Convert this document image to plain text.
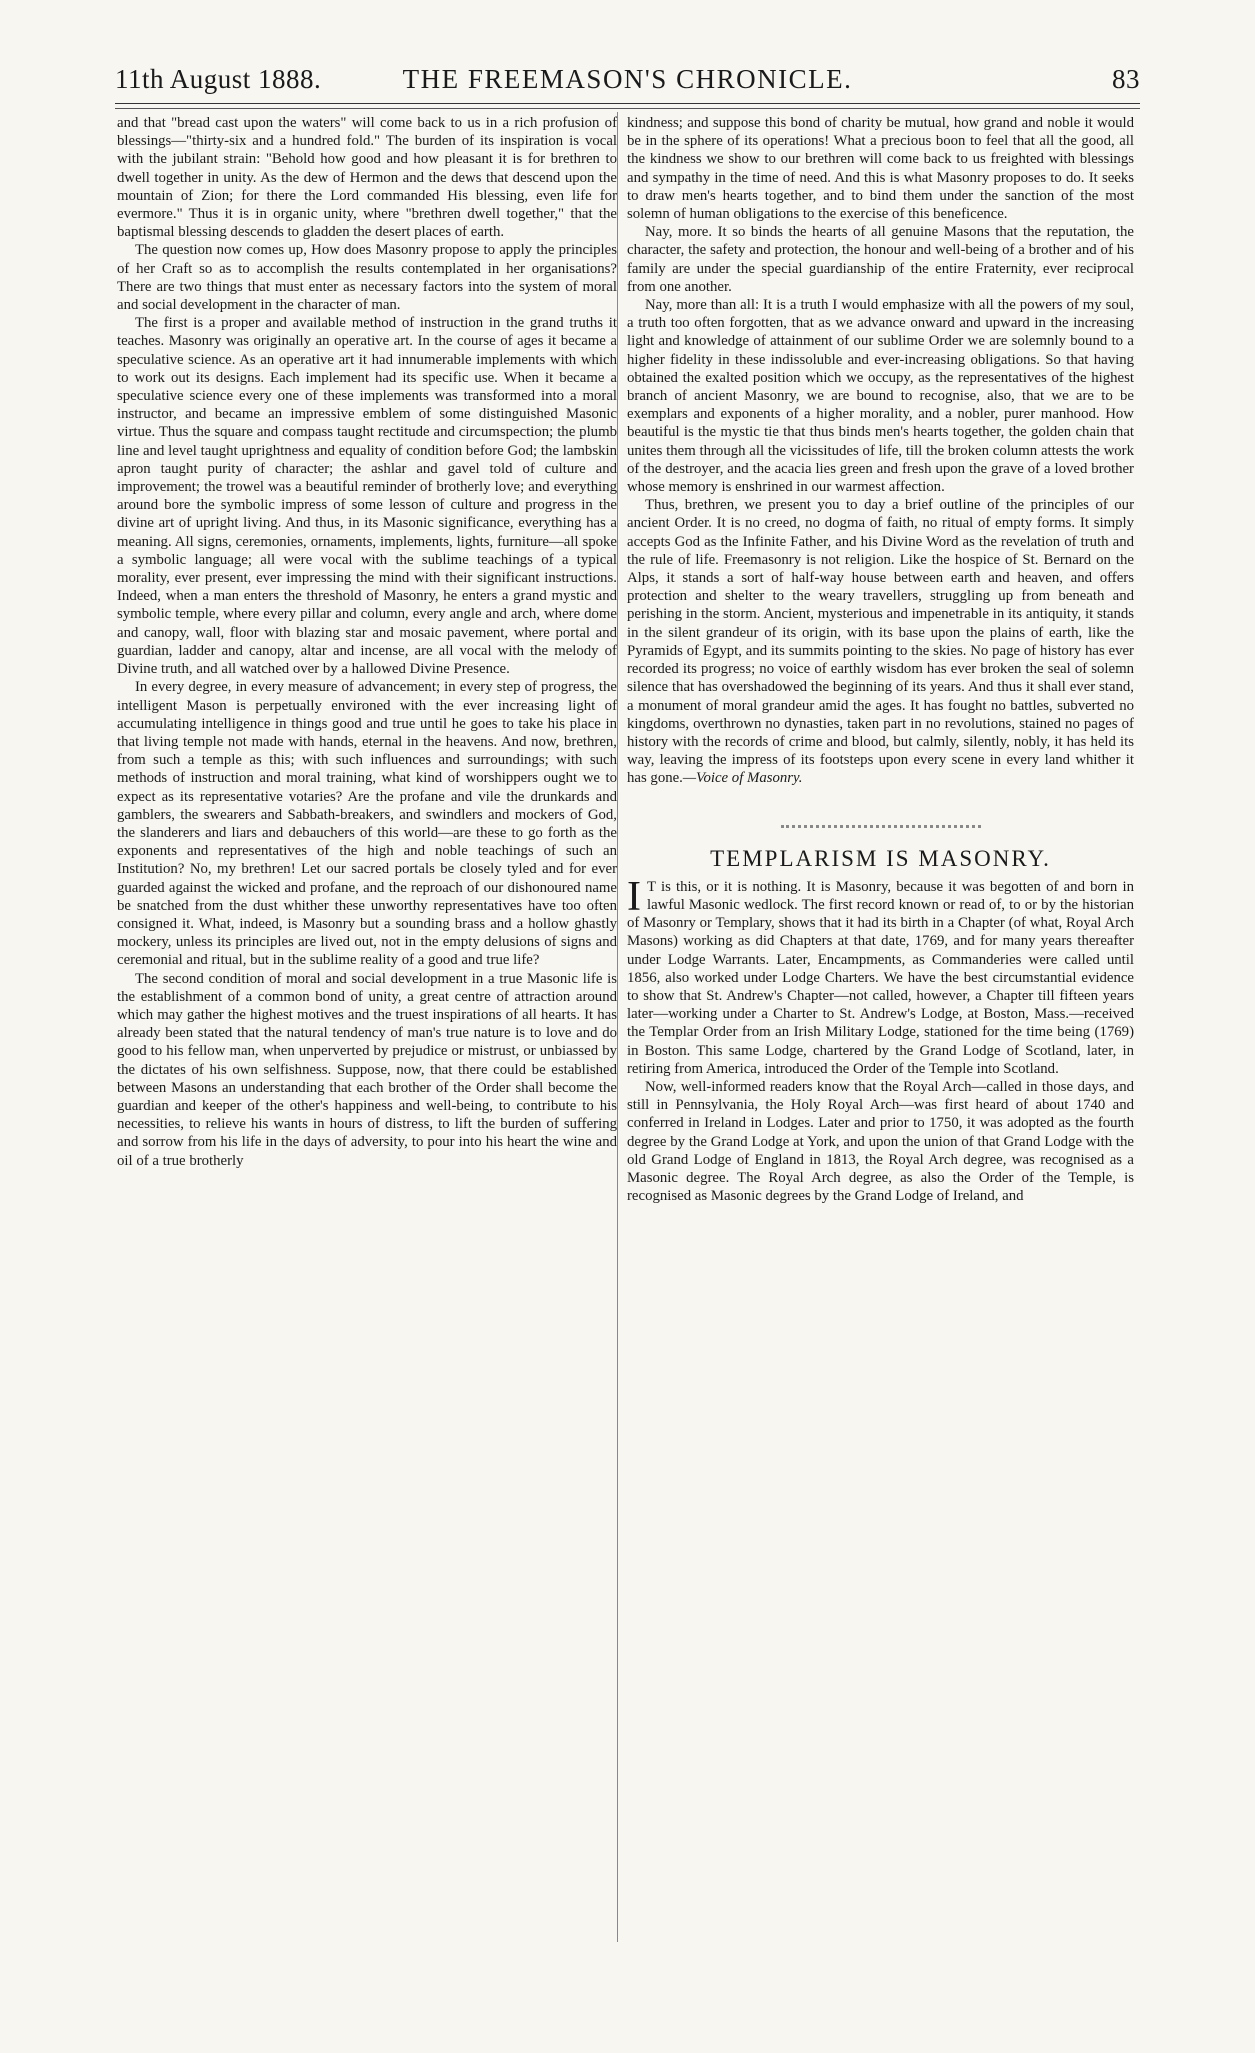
11th August 1888.	THE FREEMASON'S CHRONICLE.	83

and that "bread cast upon the waters" will come back to us in a rich profusion of blessings—"thirty-six and a hundred fold." The burden of its inspiration is vocal with the jubilant strain: "Behold how good and how pleasant it is for brethren to dwell together in unity. As the dew of Hermon and the dews that descend upon the mountain of Zion; for there the Lord commanded His blessing, even life for evermore." Thus it is in organic unity, where "brethren dwell together," that the baptismal blessing descends to gladden the desert places of earth.

The question now comes up, How does Masonry propose to apply the principles of her Craft so as to accomplish the results contemplated in her organisations? There are two things that must enter as necessary factors into the system of moral and social development in the character of man.

The first is a proper and available method of instruction in the grand truths it teaches. Masonry was originally an operative art. In the course of ages it became a speculative science. As an operative art it had innumerable implements with which to work out its designs. Each implement had its specific use. When it became a speculative science every one of these implements was transformed into a moral instructor, and became an impressive emblem of some distinguished Masonic virtue. Thus the square and compass taught rectitude and circumspection; the plumb line and level taught uprightness and equality of condition before God; the lambskin apron taught purity of character; the ashlar and gavel told of culture and improvement; the trowel was a beautiful reminder of brotherly love; and everything around bore the symbolic impress of some lesson of culture and progress in the divine art of upright living. And thus, in its Masonic significance, everything has a meaning. All signs, ceremonies, ornaments, implements, lights, furniture—all spoke a symbolic language; all were vocal with the sublime teachings of a typical morality, ever present, ever impressing the mind with their significant instructions. Indeed, when a man enters the threshold of Masonry, he enters a grand mystic and symbolic temple, where every pillar and column, every angle and arch, where dome and canopy, wall, floor with blazing star and mosaic pavement, where portal and guardian, ladder and canopy, altar and incense, are all vocal with the melody of Divine truth, and all watched over by a hallowed Divine Presence.

In every degree, in every measure of advancement; in every step of progress, the intelligent Mason is perpetually environed with the ever increasing light of accumulating intelligence in things good and true until he goes to take his place in that living temple not made with hands, eternal in the heavens. And now, brethren, from such a temple as this; with such influences and surroundings; with such methods of instruction and moral training, what kind of worshippers ought we to expect as its representative votaries? Are the profane and vile the drunkards and gamblers, the swearers and Sabbath-breakers, and swindlers and mockers of God, the slanderers and liars and debauchers of this world—are these to go forth as the exponents and representatives of the high and noble teachings of such an Institution? No, my brethren! Let our sacred portals be closely tyled and for ever guarded against the wicked and profane, and the reproach of our dishonoured name be snatched from the dust whither these unworthy representatives have too often consigned it. What, indeed, is Masonry but a sounding brass and a hollow ghastly mockery, unless its principles are lived out, not in the empty delusions of signs and ceremonial and ritual, but in the sublime reality of a good and true life?

The second condition of moral and social development in a true Masonic life is the establishment of a common bond of unity, a great centre of attraction around which may gather the highest motives and the truest inspirations of all hearts. It has already been stated that the natural tendency of man's true nature is to love and do good to his fellow man, when unperverted by prejudice or mistrust, or unbiassed by the dictates of his own selfishness. Suppose, now, that there could be established between Masons an understanding that each brother of the Order shall become the guardian and keeper of the other's happiness and well-being, to contribute to his necessities, to relieve his wants in hours of distress, to lift the burden of suffering and sorrow from his life in the days of adversity, to pour into his heart the wine and oil of a true brotherly

kindness; and suppose this bond of charity be mutual, how grand and noble it would be in the sphere of its operations! What a precious boon to feel that all the good, all the kindness we show to our brethren will come back to us freighted with blessings and sympathy in the time of need. And this is what Masonry proposes to do. It seeks to draw men's hearts together, and to bind them under the sanction of the most solemn of human obligations to the exercise of this beneficence.

Nay, more. It so binds the hearts of all genuine Masons that the reputation, the character, the safety and protection, the honour and well-being of a brother and of his family are under the special guardianship of the entire Fraternity, ever reciprocal from one another.

Nay, more than all: It is a truth I would emphasize with all the powers of my soul, a truth too often forgotten, that as we advance onward and upward in the increasing light and knowledge of attainment of our sublime Order we are solemnly bound to a higher fidelity in these indissoluble and ever-increasing obligations. So that having obtained the exalted position which we occupy, as the representatives of the highest branch of ancient Masonry, we are bound to recognise, also, that we are to be exemplars and exponents of a higher morality, and a nobler, purer manhood. How beautiful is the mystic tie that thus binds men's hearts together, the golden chain that unites them through all the vicissitudes of life, till the broken column attests the work of the destroyer, and the acacia lies green and fresh upon the grave of a loved brother whose memory is enshrined in our warmest affection.

Thus, brethren, we present you to day a brief outline of the principles of our ancient Order. It is no creed, no dogma of faith, no ritual of empty forms. It simply accepts God as the Infinite Father, and his Divine Word as the revelation of truth and the rule of life. Freemasonry is not religion. Like the hospice of St. Bernard on the Alps, it stands a sort of half-way house between earth and heaven, and offers protection and shelter to the weary travellers, struggling up from beneath and perishing in the storm. Ancient, mysterious and impenetrable in its antiquity, it stands in the silent grandeur of its origin, with its base upon the plains of earth, like the Pyramids of Egypt, and its summits pointing to the skies. No page of history has ever recorded its progress; no voice of earthly wisdom has ever broken the seal of solemn silence that has overshadowed the beginning of its years. And thus it shall ever stand, a monument of moral grandeur amid the ages. It has fought no battles, subverted no kingdoms, overthrown no dynasties, taken part in no revolutions, stained no pages of history with the records of crime and blood, but calmly, silently, nobly, it has held its way, leaving the impress of its footsteps upon every scene in every land whither it has gone.—Voice of Masonry.

TEMPLARISM IS MASONRY.

I T is this, or it is nothing. It is Masonry, because it was begotten of and born in lawful Masonic wedlock. The first record known or read of, to or by the historian of Masonry or Templary, shows that it had its birth in a Chapter (of what, Royal Arch Masons) working as did Chapters at that date, 1769, and for many years thereafter under Lodge Warrants. Later, Encampments, as Commanderies were called until 1856, also worked under Lodge Charters. We have the best circumstantial evidence to show that St. Andrew's Chapter—not called, however, a Chapter till fifteen years later—working under a Charter to St. Andrew's Lodge, at Boston, Mass.—received the Templar Order from an Irish Military Lodge, stationed for the time being (1769) in Boston. This same Lodge, chartered by the Grand Lodge of Scotland, later, in retiring from America, introduced the Order of the Temple into Scotland.

Now, well-informed readers know that the Royal Arch—called in those days, and still in Pennsylvania, the Holy Royal Arch—was first heard of about 1740 and conferred in Ireland in Lodges. Later and prior to 1750, it was adopted as the fourth degree by the Grand Lodge at York, and upon the union of that Grand Lodge with the old Grand Lodge of England in 1813, the Royal Arch degree, was recognised as a Masonic degree. The Royal Arch degree, as also the Order of the Temple, is recognised as Masonic degrees by the Grand Lodge of Ireland, and
